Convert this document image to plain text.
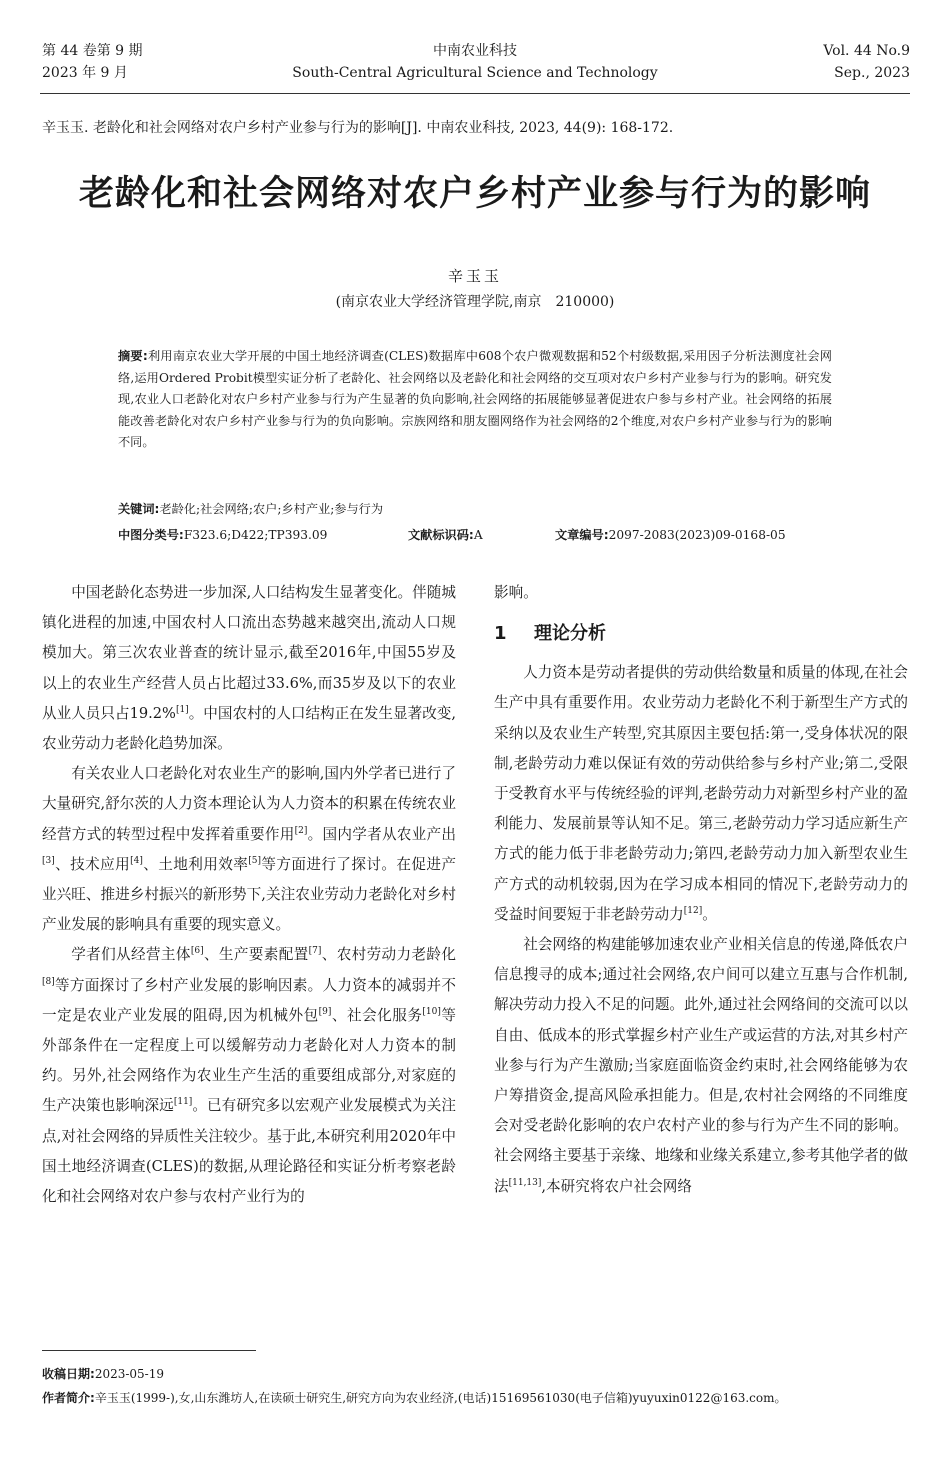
第 44 卷第 9 期
2023 年 9 月
中南农业科技
South-Central Agricultural Science and Technology
Vol. 44 No.9
Sep., 2023
辛玉玉. 老龄化和社会网络对农户乡村产业参与行为的影响[J]. 中南农业科技, 2023, 44(9): 168-172.
老龄化和社会网络对农户乡村产业参与行为的影响
辛玉玉
(南京农业大学经济管理学院,南京　210000)
摘要:利用南京农业大学开展的中国土地经济调查(CLES)数据库中608个农户微观数据和52个村级数据,采用因子分析法测度社会网络,运用Ordered Probit模型实证分析了老龄化、社会网络以及老龄化和社会网络的交互项对农户乡村产业参与行为的影响。研究发现,农业人口老龄化对农户乡村产业参与行为产生显著的负向影响,社会网络的拓展能够显著促进农户参与乡村产业。社会网络的拓展能改善老龄化对农户乡村产业参与行为的负向影响。宗族网络和朋友圈网络作为社会网络的2个维度,对农户乡村产业参与行为的影响不同。
关键词:老龄化;社会网络;农户;乡村产业;参与行为
中图分类号:F323.6;D422;TP393.09	文献标识码:A	文章编号:2097-2083(2023)09-0168-05

中国老龄化态势进一步加深,人口结构发生显著变化。伴随城镇化进程的加速,中国农村人口流出态势越来越突出,流动人口规模加大。第三次农业普查的统计显示,截至2016年,中国55岁及以上的农业生产经营人员占比超过33.6%,而35岁及以下的农业从业人员只占19.2%[1]。中国农村的人口结构正在发生显著改变,农业劳动力老龄化趋势加深。

有关农业人口老龄化对农业生产的影响,国内外学者已进行了大量研究,舒尔茨的人力资本理论认为人力资本的积累在传统农业经营方式的转型过程中发挥着重要作用[2]。国内学者从农业产出[3]、技术应用[4]、土地利用效率[5]等方面进行了探讨。在促进产业兴旺、推进乡村振兴的新形势下,关注农业劳动力老龄化对乡村产业发展的影响具有重要的现实意义。

学者们从经营主体[6]、生产要素配置[7]、农村劳动力老龄化[8]等方面探讨了乡村产业发展的影响因素。人力资本的减弱并不一定是农业产业发展的阻碍,因为机械外包[9]、社会化服务[10]等外部条件在一定程度上可以缓解劳动力老龄化对人力资本的制约。另外,社会网络作为农业生产生活的重要组成部分,对家庭的生产决策也影响深远[11]。已有研究多以宏观产业发展模式为关注点,对社会网络的异质性关注较少。基于此,本研究利用2020年中国土地经济调查(CLES)的数据,从理论路径和实证分析考察老龄化和社会网络对农户参与农村产业行为的

影响。

1 理论分析

人力资本是劳动者提供的劳动供给数量和质量的体现,在社会生产中具有重要作用。农业劳动力老龄化不利于新型生产方式的采纳以及农业生产转型,究其原因主要包括:第一,受身体状况的限制,老龄劳动力难以保证有效的劳动供给参与乡村产业;第二,受限于受教育水平与传统经验的评判,老龄劳动力对新型乡村产业的盈利能力、发展前景等认知不足。第三,老龄劳动力学习适应新生产方式的能力低于非老龄劳动力;第四,老龄劳动力加入新型农业生产方式的动机较弱,因为在学习成本相同的情况下,老龄劳动力的受益时间要短于非老龄劳动力[12]。

社会网络的构建能够加速农业产业相关信息的传递,降低农户信息搜寻的成本;通过社会网络,农户间可以建立互惠与合作机制,解决劳动力投入不足的问题。此外,通过社会网络间的交流可以以自由、低成本的形式掌握乡村产业生产或运营的方法,对其乡村产业参与行为产生激励;当家庭面临资金约束时,社会网络能够为农户筹措资金,提高风险承担能力。但是,农村社会网络的不同维度会对受老龄化影响的农户农村产业的参与行为产生不同的影响。社会网络主要基于亲缘、地缘和业缘关系建立,参考其他学者的做法[11,13],本研究将农户社会网络

收稿日期:2023-05-19
作者简介:辛玉玉(1999-),女,山东潍坊人,在读硕士研究生,研究方向为农业经济,(电话)15169561030(电子信箱)yuyuxin0122@163.com。
